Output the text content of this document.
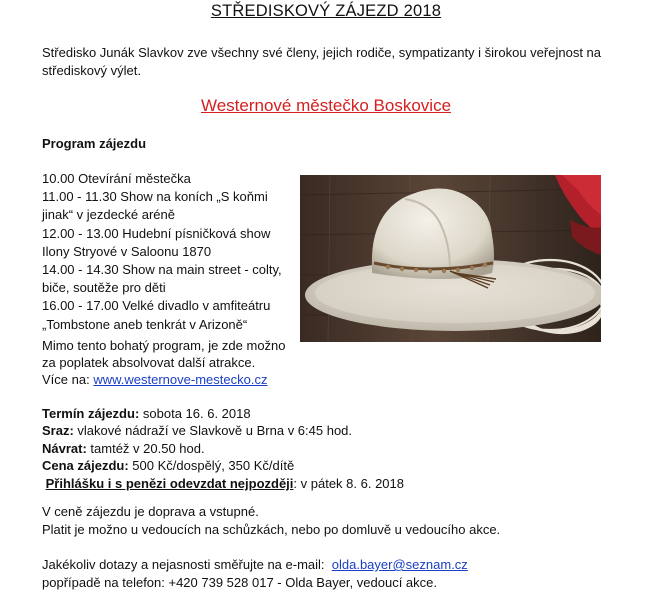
STŘEDISKOVÝ ZÁJEZD 2018
Středisko Junák Slavkov zve všechny své členy, jejich rodiče, sympatizanty i širokou veřejnost na střediskový výlet.
Westernové městečko Boskovice
Program zájezdu
10.00 Otevírání městečka
11.00 - 11.30 Show na koních „S koňmi
jinak“ v jezdecké aréně
12.00 - 13.00 Hudební písničková show
Ilony Stryové v Saloonu 1870
14.00 - 14.30 Show na main street - colty,
biče, soutěže pro děti
16.00 - 17.00 Velké divadlo v amfiteátru
„Tombstone aneb tenkrát v Arizoně“
Mimo tento bohatý program, je zde možno
za poplatek absolvovat další atrakce.
Více na: www.westernove-mestecko.cz
Termín zájezdu: sobota 16. 6. 2018
Sraz: vlakové nádraží ve Slavkově u Brna v 6:45 hod.
Návrat: tamtéž v 20.50 hod.
Cena zájezdu: 500 Kč/dospělý, 350 Kč/dítě
Přihlášku i s penězi odevzdat nejpozději: v pátek 8. 6. 2018
V ceně zájezdu je doprava a vstupné.
Platit je možno u vedoucích na schůzkách, nebo po domluvě u vedoucího akce.
Jakékoliv dotazy a nejasnosti směřujte na e-mail: olda.bayer@seznam.cz
popřípadě na telefon: +420 739 528 017 - Olda Bayer, vedoucí akce.
